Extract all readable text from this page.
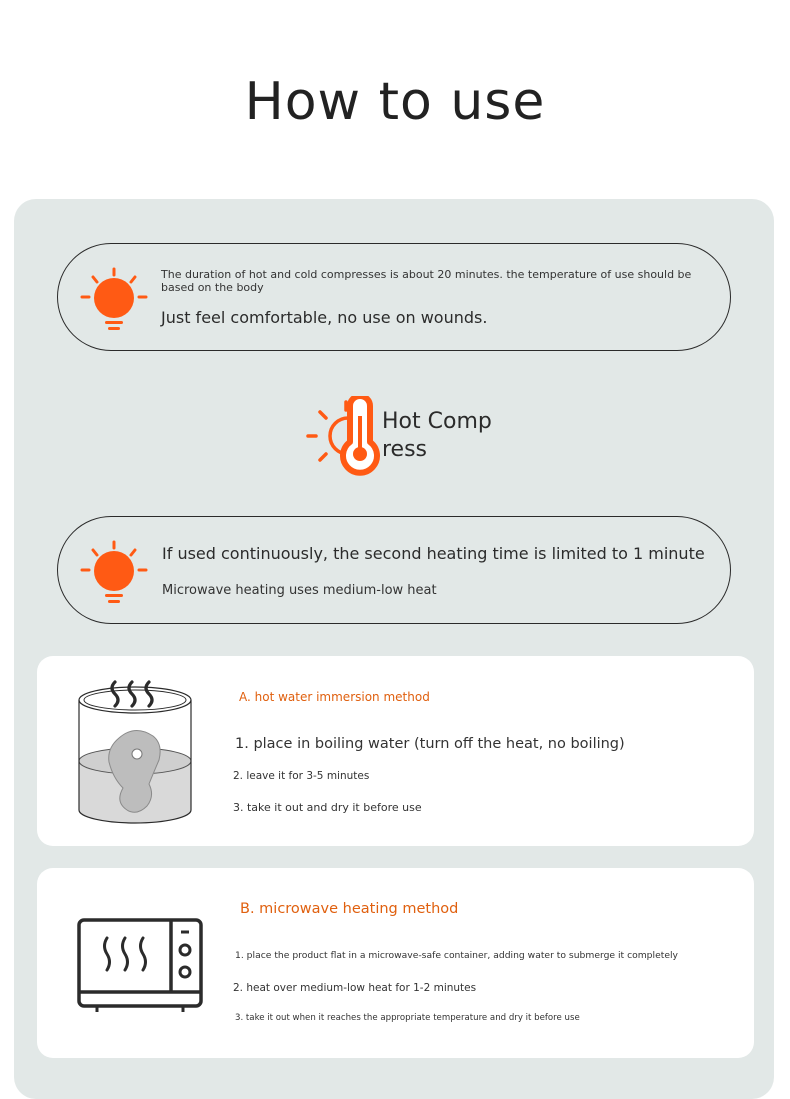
How to use
The duration of hot and cold compresses is about 20 minutes. the temperature of use should be based on the body
Just feel comfortable, no use on wounds.
Hot Compress
If used continuously, the second heating time is limited to 1 minute
Microwave heating uses medium-low heat
A. hot water immersion method
1. place in boiling water (turn off the heat, no boiling)
2. leave it for 3-5 minutes
3. take it out and dry it before use
B. microwave heating method
1. place the product flat in a microwave-safe container, adding water to submerge it completely
2. heat over medium-low heat for 1-2 minutes
3. take it out when it reaches the appropriate temperature and dry it before use
